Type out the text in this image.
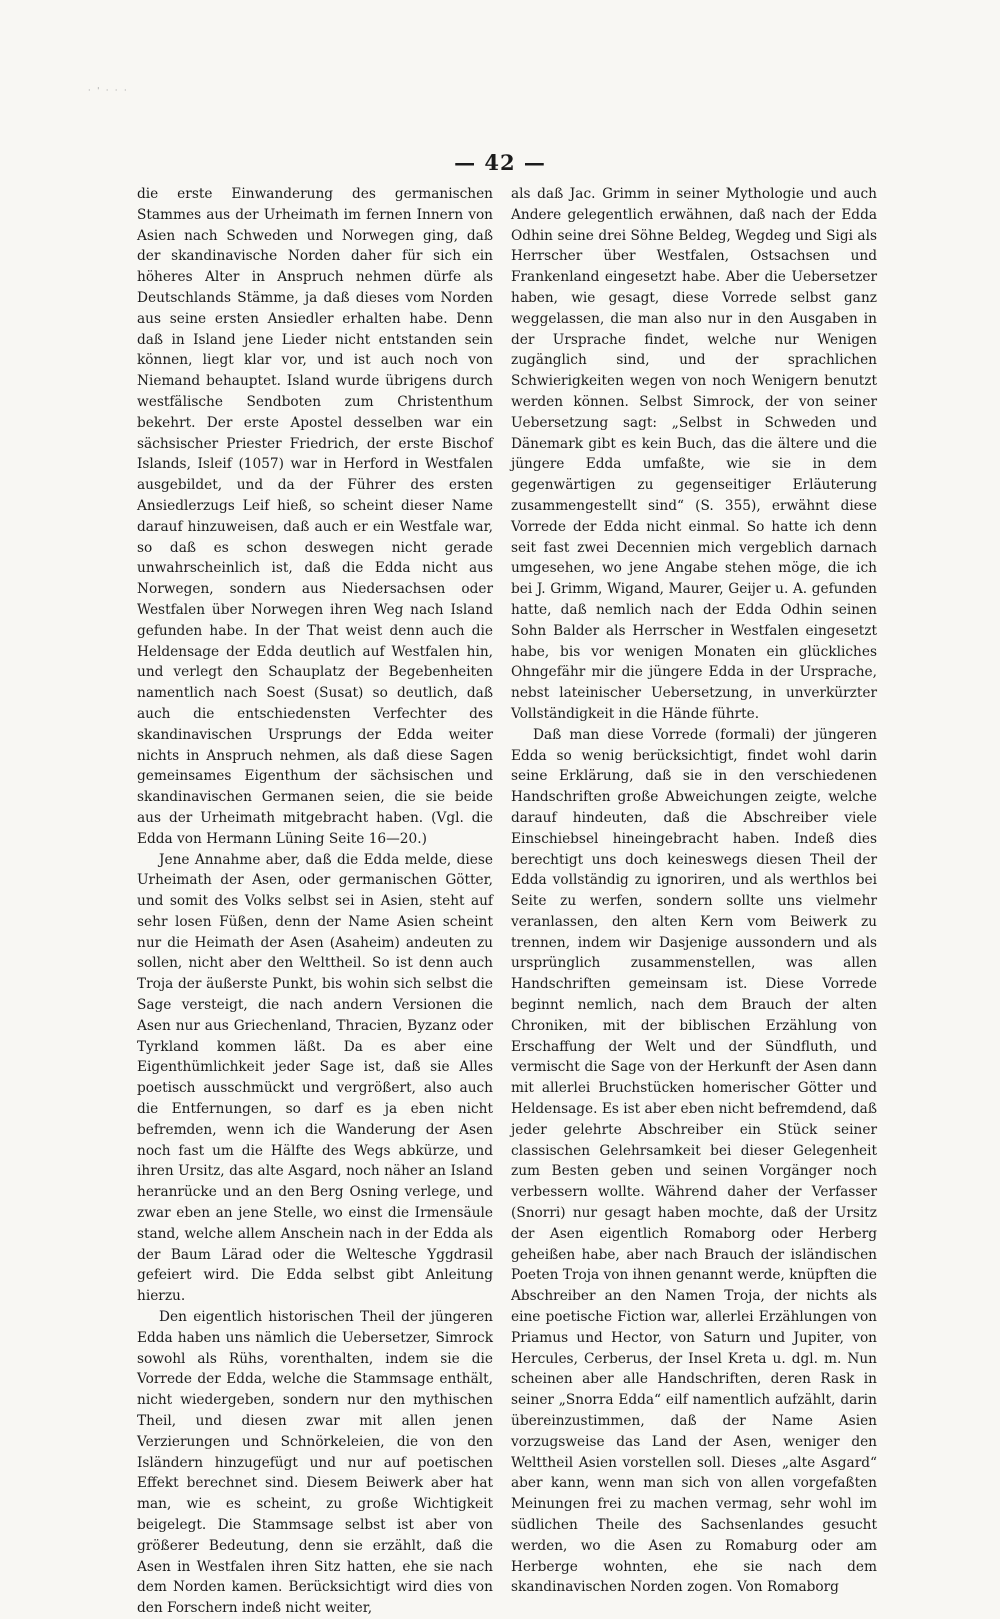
· ' · · ·
— 42 —

die erste Einwanderung des germanischen Stammes aus der Urheimath im fernen Innern von Asien nach Schweden und Norwegen ging, daß der skandinavische Norden daher für sich ein höheres Alter in Anspruch nehmen dürfe als Deutschlands Stämme, ja daß dieses vom Norden aus seine ersten Ansiedler erhalten habe. Denn daß in Island jene Lieder nicht entstanden sein können, liegt klar vor, und ist auch noch von Niemand behauptet. Island wurde übrigens durch westfälische Sendboten zum Christenthum bekehrt. Der erste Apostel desselben war ein sächsischer Priester Friedrich, der erste Bischof Islands, Isleif (1057) war in Herford in Westfalen ausgebildet, und da der Führer des ersten Ansiedlerzugs Leif hieß, so scheint dieser Name darauf hinzuweisen, daß auch er ein Westfale war, so daß es schon deswegen nicht gerade unwahrscheinlich ist, daß die Edda nicht aus Norwegen, sondern aus Niedersachsen oder Westfalen über Norwegen ihren Weg nach Island gefunden habe. In der That weist denn auch die Heldensage der Edda deutlich auf Westfalen hin, und verlegt den Schauplatz der Begebenheiten namentlich nach Soest (Susat) so deutlich, daß auch die entschiedensten Verfechter des skandinavischen Ursprungs der Edda weiter nichts in Anspruch nehmen, als daß diese Sagen gemeinsames Eigenthum der sächsischen und skandinavischen Germanen seien, die sie beide aus der Urheimath mitgebracht haben. (Vgl. die Edda von Hermann Lüning Seite 16—20.)

Jene Annahme aber, daß die Edda melde, diese Urheimath der Asen, oder germanischen Götter, und somit des Volks selbst sei in Asien, steht auf sehr losen Füßen, denn der Name Asien scheint nur die Heimath der Asen (Asaheim) andeuten zu sollen, nicht aber den Welttheil. So ist denn auch Troja der äußerste Punkt, bis wohin sich selbst die Sage versteigt, die nach andern Versionen die Asen nur aus Griechenland, Thracien, Byzanz oder Tyrkland kommen läßt. Da es aber eine Eigenthümlichkeit jeder Sage ist, daß sie Alles poetisch ausschmückt und vergrößert, also auch die Entfernungen, so darf es ja eben nicht befremden, wenn ich die Wanderung der Asen noch fast um die Hälfte des Wegs abkürze, und ihren Ursitz, das alte Asgard, noch näher an Island heranrücke und an den Berg Osning verlege, und zwar eben an jene Stelle, wo einst die Irmensäule stand, welche allem Anschein nach in der Edda als der Baum Lärad oder die Weltesche Yggdrasil gefeiert wird. Die Edda selbst gibt Anleitung hierzu.

Den eigentlich historischen Theil der jüngeren Edda haben uns nämlich die Uebersetzer, Simrock sowohl als Rühs, vorenthalten, indem sie die Vorrede der Edda, welche die Stammsage enthält, nicht wiedergeben, sondern nur den mythischen Theil, und diesen zwar mit allen jenen Verzierungen und Schnörkeleien, die von den Isländern hinzugefügt und nur auf poetischen Effekt berechnet sind. Diesem Beiwerk aber hat man, wie es scheint, zu große Wichtigkeit beigelegt. Die Stammsage selbst ist aber von größerer Bedeutung, denn sie erzählt, daß die Asen in Westfalen ihren Sitz hatten, ehe sie nach dem Norden kamen. Berücksichtigt wird dies von den Forschern indeß nicht weiter,

als daß Jac. Grimm in seiner Mythologie und auch Andere gelegentlich erwähnen, daß nach der Edda Odhin seine drei Söhne Beldeg, Wegdeg und Sigi als Herrscher über Westfalen, Ostsachsen und Frankenland eingesetzt habe. Aber die Uebersetzer haben, wie gesagt, diese Vorrede selbst ganz weggelassen, die man also nur in den Ausgaben in der Ursprache findet, welche nur Wenigen zugänglich sind, und der sprachlichen Schwierigkeiten wegen von noch Wenigern benutzt werden können. Selbst Simrock, der von seiner Uebersetzung sagt: „Selbst in Schweden und Dänemark gibt es kein Buch, das die ältere und die jüngere Edda umfaßte, wie sie in dem gegenwärtigen zu gegenseitiger Erläuterung zusammengestellt sind“ (S. 355), erwähnt diese Vorrede der Edda nicht einmal. So hatte ich denn seit fast zwei Decennien mich vergeblich darnach umgesehen, wo jene Angabe stehen möge, die ich bei J. Grimm, Wigand, Maurer, Geijer u. A. gefunden hatte, daß nemlich nach der Edda Odhin seinen Sohn Balder als Herrscher in Westfalen eingesetzt habe, bis vor wenigen Monaten ein glückliches Ohngefähr mir die jüngere Edda in der Ursprache, nebst lateinischer Uebersetzung, in unverkürzter Vollständigkeit in die Hände führte.

Daß man diese Vorrede (formali) der jüngeren Edda so wenig berücksichtigt, findet wohl darin seine Erklärung, daß sie in den verschiedenen Handschriften große Abweichungen zeigte, welche darauf hindeuten, daß die Abschreiber viele Einschiebsel hineingebracht haben. Indeß dies berechtigt uns doch keineswegs diesen Theil der Edda vollständig zu ignoriren, und als werthlos bei Seite zu werfen, sondern sollte uns vielmehr veranlassen, den alten Kern vom Beiwerk zu trennen, indem wir Dasjenige aussondern und als ursprünglich zusammenstellen, was allen Handschriften gemeinsam ist. Diese Vorrede beginnt nemlich, nach dem Brauch der alten Chroniken, mit der biblischen Erzählung von Erschaffung der Welt und der Sündfluth, und vermischt die Sage von der Herkunft der Asen dann mit allerlei Bruchstücken homerischer Götter und Heldensage. Es ist aber eben nicht befremdend, daß jeder gelehrte Abschreiber ein Stück seiner classischen Gelehrsamkeit bei dieser Gelegenheit zum Besten geben und seinen Vorgänger noch verbessern wollte. Während daher der Verfasser (Snorri) nur gesagt haben mochte, daß der Ursitz der Asen eigentlich Romaborg oder Herberg geheißen habe, aber nach Brauch der isländischen Poeten Troja von ihnen genannt werde, knüpften die Abschreiber an den Namen Troja, der nichts als eine poetische Fiction war, allerlei Erzählungen von Priamus und Hector, von Saturn und Jupiter, von Hercules, Cerberus, der Insel Kreta u. dgl. m. Nun scheinen aber alle Handschriften, deren Rask in seiner „Snorra Edda“ eilf namentlich aufzählt, darin übereinzustimmen, daß der Name Asien vorzugsweise das Land der Asen, weniger den Welttheil Asien vorstellen soll. Dieses „alte Asgard“ aber kann, wenn man sich von allen vorgefaßten Meinungen frei zu machen vermag, sehr wohl im südlichen Theile des Sachsenlandes gesucht werden, wo die Asen zu Romaburg oder am Herberge wohnten, ehe sie nach dem skandinavischen Norden zogen. Von Romaborg
